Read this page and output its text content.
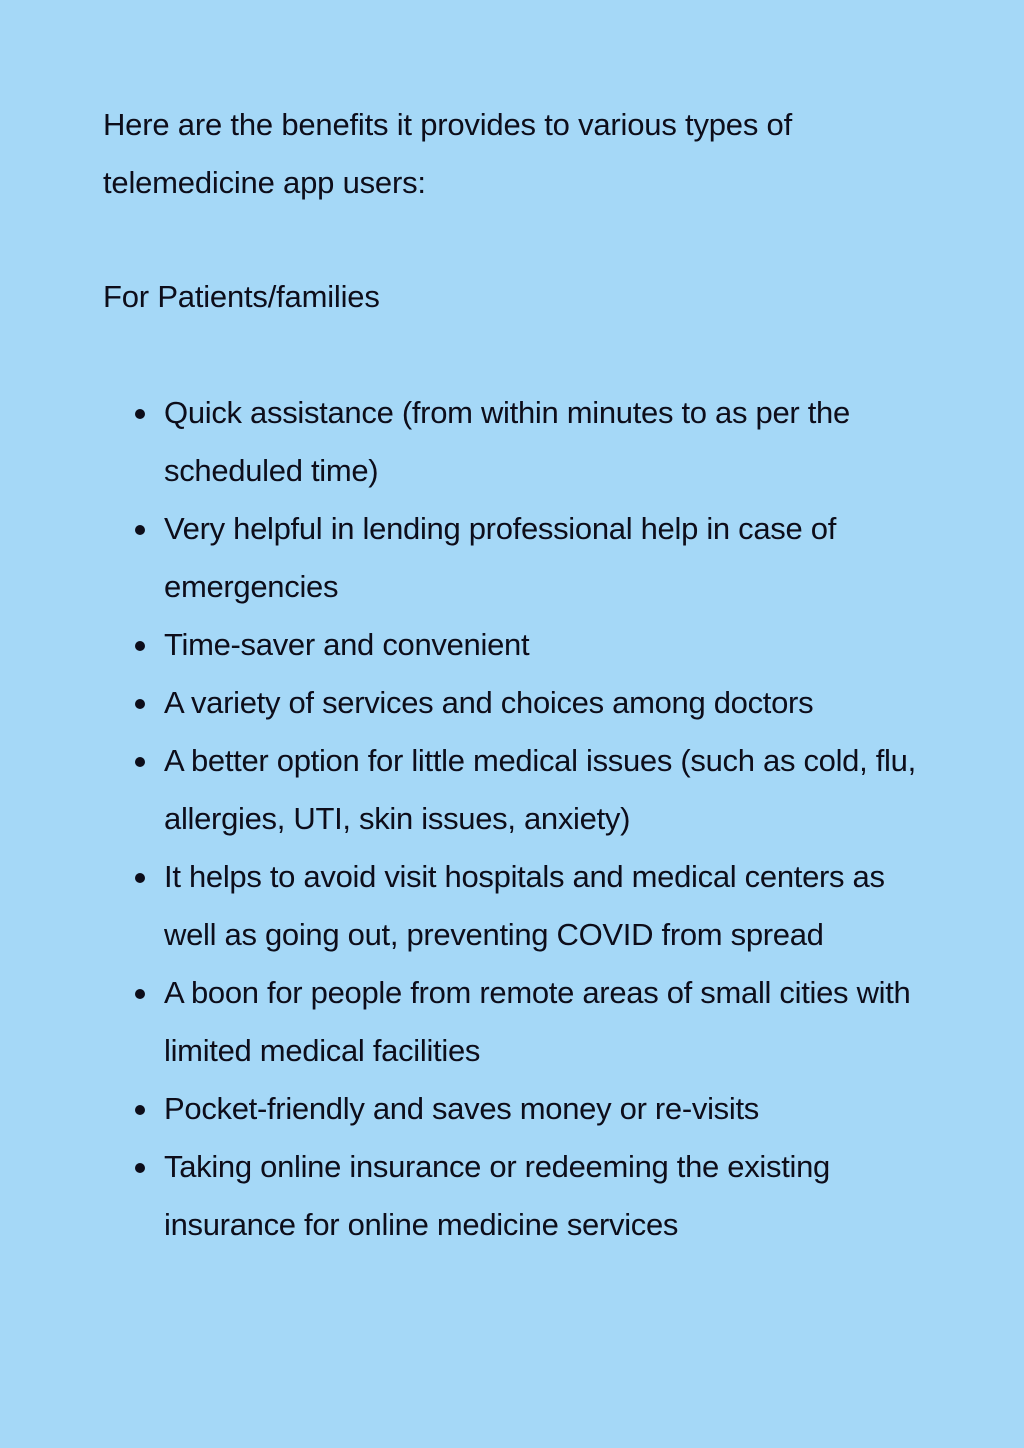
Here are the benefits it provides to various types of telemedicine app users:

For Patients/families
Quick assistance (from within minutes to as per the scheduled time)
Very helpful in lending professional help in case of emergencies
Time-saver and convenient
A variety of services and choices among doctors
A better option for little medical issues (such as cold, flu, allergies, UTI, skin issues, anxiety)
It helps to avoid visit hospitals and medical centers as well as going out, preventing COVID from spread
A boon for people from remote areas of small cities with limited medical facilities
Pocket-friendly and saves money or re-visits
Taking online insurance or redeeming the existing insurance for online medicine services
